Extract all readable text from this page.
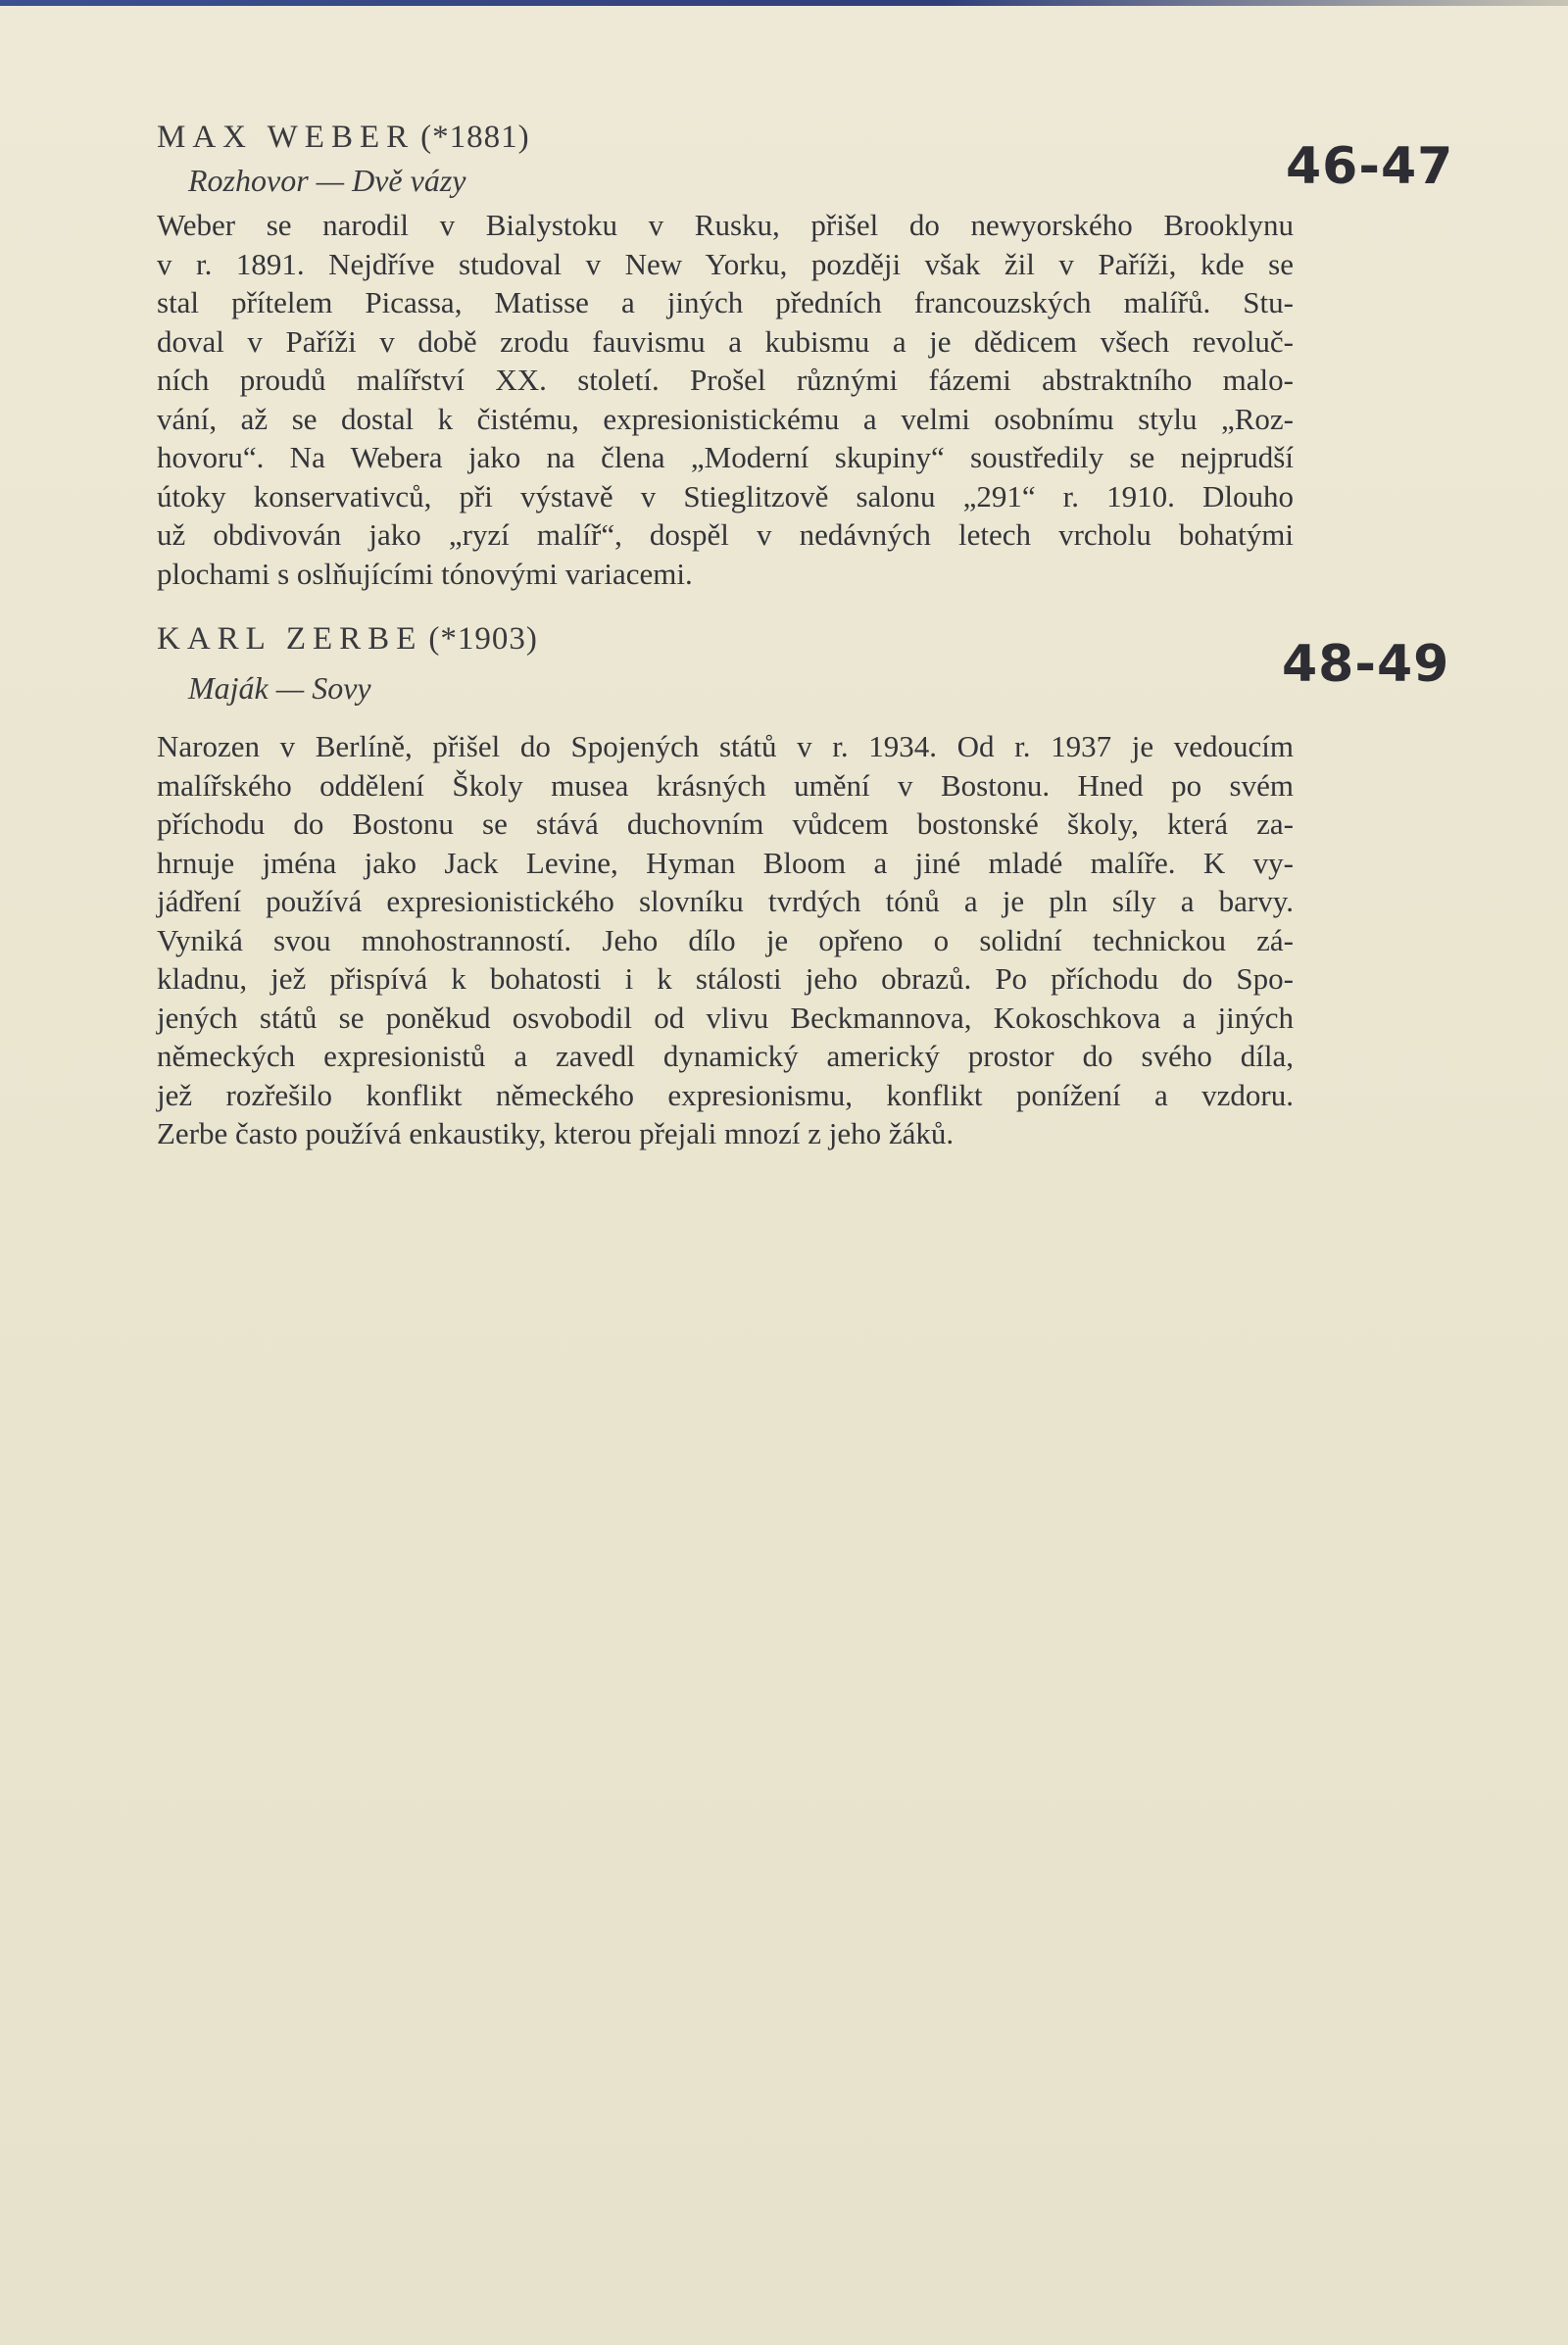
MAX WEBER (*1881)
Rozhovor — Dvě vázy
Weber se narodil v Bialystoku v Rusku, přišel do newyorského Brooklynu
v r. 1891. Nejdříve studoval v New Yorku, později však žil v Paříži, kde se
stal přítelem Picassa, Matisse a jiných předních francouzských malířů. Stu-
doval v Paříži v době zrodu fauvismu a kubismu a je dědicem všech revoluč-
ních proudů malířství XX. století. Prošel různými fázemi abstraktního malo-
vání, až se dostal k čistému, expresionistickému a velmi osobnímu stylu „Roz-
hovoru“. Na Webera jako na člena „Moderní skupiny“ soustředily se nejprudší
útoky konservativců, při výstavě v Stieglitzově salonu „291“ r. 1910. Dlouho
už obdivován jako „ryzí malíř“, dospěl v nedávných letech vrcholu bohatými
plochami s oslňujícími tónovými variacemi.
46-47
KARL ZERBE (*1903)
Maják — Sovy
Narozen v Berlíně, přišel do Spojených států v r. 1934. Od r. 1937 je vedoucím
malířského oddělení Školy musea krásných umění v Bostonu. Hned po svém
příchodu do Bostonu se stává duchovním vůdcem bostonské školy, která za-
hrnuje jména jako Jack Levine, Hyman Bloom a jiné mladé malíře. K vy-
jádření používá expresionistického slovníku tvrdých tónů a je pln síly a barvy.
Vyniká svou mnohostranností. Jeho dílo je opřeno o solidní technickou zá-
kladnu, jež přispívá k bohatosti i k stálosti jeho obrazů. Po příchodu do Spo-
jených států se poněkud osvobodil od vlivu Beckmannova, Kokoschkova a jiných
německých expresionistů a zavedl dynamický americký prostor do svého díla,
jež rozřešilo konflikt německého expresionismu, konflikt ponížení a vzdoru.
Zerbe často používá enkaustiky, kterou přejali mnozí z jeho žáků.
48-49
